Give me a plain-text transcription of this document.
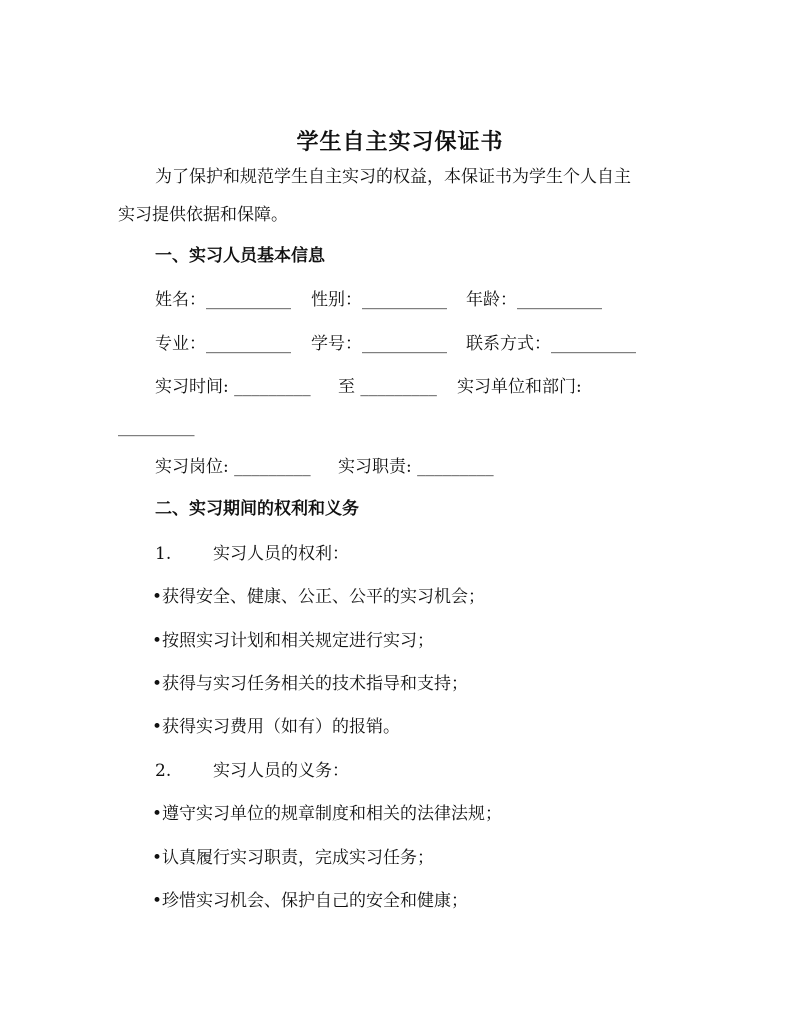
学生自主实习保证书
为了保护和规范学生自主实习的权益，本保证书为学生个人自主
实习提供依据和保障。
一、实习人员基本信息
姓名：__________ 性别：__________ 年龄：__________
专业：__________ 学号：__________ 联系方式：__________
实习时间: _________ 至 _________ 实习单位和部门:
_________
实习岗位: _________ 实习职责: _________
二、实习期间的权利和义务
1. 实习人员的权利：
•获得安全、健康、公正、公平的实习机会；
•按照实习计划和相关规定进行实习；
•获得与实习任务相关的技术指导和支持；
•获得实习费用（如有）的报销。
2. 实习人员的义务：
•遵守实习单位的规章制度和相关的法律法规；
•认真履行实习职责，完成实习任务；
•珍惜实习机会、保护自己的安全和健康；
